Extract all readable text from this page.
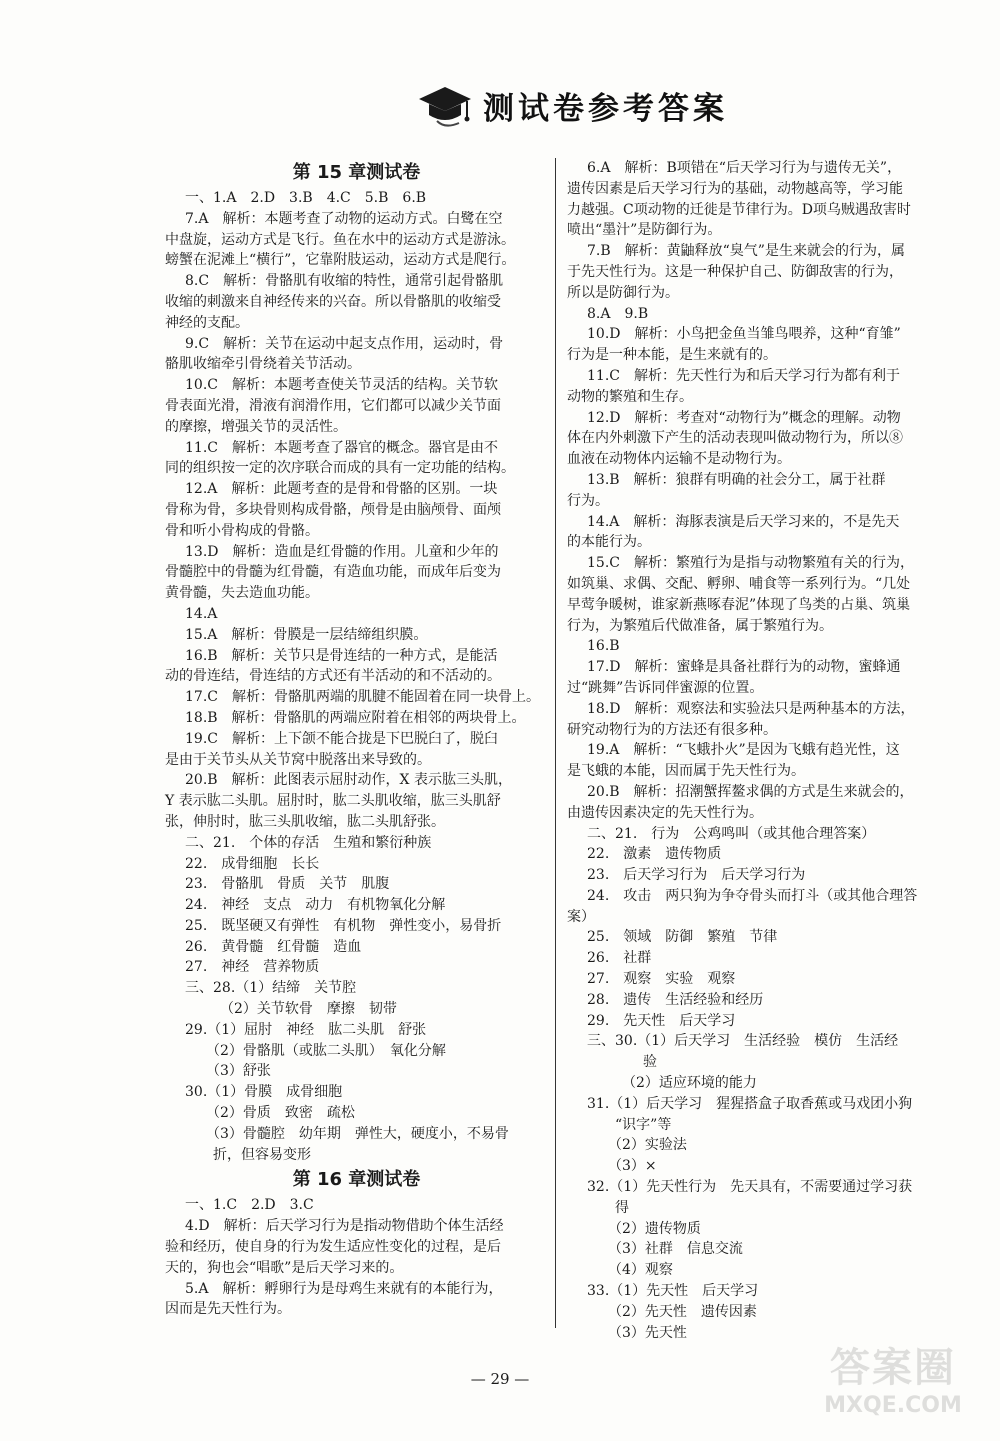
测试卷参考答案
第 15 章测试卷

一、1.A　2.D　3.B　4.C　5.B　6.B

7.A　解析：本题考查了动物的运动方式。白鹭在空

中盘旋，运动方式是飞行。鱼在水中的运动方式是游泳。

螃蟹在泥滩上“横行”，它靠附肢运动，运动方式是爬行。

8.C　解析：骨骼肌有收缩的特性，通常引起骨骼肌

收缩的刺激来自神经传来的兴奋。所以骨骼肌的收缩受

神经的支配。

9.C　解析：关节在运动中起支点作用，运动时，骨

骼肌收缩牵引骨绕着关节活动。

10.C　解析：本题考查使关节灵活的结构。关节软

骨表面光滑，滑液有润滑作用，它们都可以减少关节面

的摩擦，增强关节的灵活性。

11.C　解析：本题考查了器官的概念。器官是由不

同的组织按一定的次序联合而成的具有一定功能的结构。

12.A　解析：此题考查的是骨和骨骼的区别。一块

骨称为骨，多块骨则构成骨骼，颅骨是由脑颅骨、面颅

骨和听小骨构成的骨骼。

13.D　解析：造血是红骨髓的作用。儿童和少年的

骨髓腔中的骨髓为红骨髓，有造血功能，而成年后变为

黄骨髓，失去造血功能。

14.A

15.A　解析：骨膜是一层结缔组织膜。

16.B　解析：关节只是骨连结的一种方式，是能活

动的骨连结，骨连结的方式还有半活动的和不活动的。

17.C　解析：骨骼肌两端的肌腱不能固着在同一块骨上。

18.B　解析：骨骼肌的两端应附着在相邻的两块骨上。

19.C　解析：上下颌不能合拢是下巴脱臼了，脱臼

是由于关节头从关节窝中脱落出来导致的。

20.B　解析：此图表示屈肘动作，X 表示肱三头肌，

Y 表示肱二头肌。屈肘时，肱二头肌收缩，肱三头肌舒

张，伸肘时，肱三头肌收缩，肱二头肌舒张。

二、21.　个体的存活　生殖和繁衍种族

22.　成骨细胞　长长

23.　骨骼肌　骨质　关节　肌腹

24.　神经　支点　动力　有机物氧化分解

25.　既坚硬又有弹性　有机物　弹性变小，易骨折

26.　黄骨髓　红骨髓　造血

27.　神经　营养物质

三、28.（1）结缔　关节腔

　　（2）关节软骨　摩擦　韧带

29.（1）屈肘　神经　肱二头肌　舒张

　（2）骨骼肌（或肱二头肌）　氧化分解

　（3）舒张

30.（1）骨膜　成骨细胞

　（2）骨质　致密　疏松

　（3）骨髓腔　幼年期　弹性大，硬度小，不易骨

　折，但容易变形

第 16 章测试卷

一、1.C　2.D　3.C

4.D　解析：后天学习行为是指动物借助个体生活经

验和经历，使自身的行为发生适应性变化的过程，是后

天的，狗也会“唱歌”是后天学习来的。

5.A　解析：孵卵行为是母鸡生来就有的本能行为，

因而是先天性行为。

6.A　解析：B项错在“后天学习行为与遗传无关”，

遗传因素是后天学习行为的基础，动物越高等，学习能

力越强。C项动物的迁徙是节律行为。D项乌贼遇敌害时

喷出“墨汁”是防御行为。

7.B　解析：黄鼬释放“臭气”是生来就会的行为，属

于先天性行为。这是一种保护自己、防御敌害的行为，

所以是防御行为。

8.A　9.B

10.D　解析：小鸟把金鱼当雏鸟喂养，这种“育雏”

行为是一种本能，是生来就有的。

11.C　解析：先天性行为和后天学习行为都有利于

动物的繁殖和生存。

12.D　解析：考查对“动物行为”概念的理解。动物

体在内外刺激下产生的活动表现叫做动物行为，所以⑧

血液在动物体内运输不是动物行为。

13.B　解析：狼群有明确的社会分工，属于社群

行为。

14.A　解析：海豚表演是后天学习来的，不是先天

的本能行为。

15.C　解析：繁殖行为是指与动物繁殖有关的行为，

如筑巢、求偶、交配、孵卵、哺食等一系列行为。“几处

早莺争暖树，谁家新燕啄春泥”体现了鸟类的占巢、筑巢

行为，为繁殖后代做准备，属于繁殖行为。

16.B

17.D　解析：蜜蜂是具备社群行为的动物，蜜蜂通

过“跳舞”告诉同伴蜜源的位置。

18.D　解析：观察法和实验法只是两种基本的方法，

研究动物行为的方法还有很多种。

19.A　解析：“飞蛾扑火”是因为飞蛾有趋光性，这

是飞蛾的本能，因而属于先天性行为。

20.B　解析：招潮蟹挥鳌求偶的方式是生来就会的，

由遗传因素决定的先天性行为。

二、21.　行为　公鸡鸣叫（或其他合理答案）

22.　激素　遗传物质

23.　后天学习行为　后天学习行为

24.　攻击　两只狗为争夺骨头而打斗（或其他合理答

案）

25.　领域　防御　繁殖　节律

26.　社群

27.　观察　实验　观察

28.　遗传　生活经验和经历

29.　先天性　后天学习

三、30.（1）后天学习　生活经验　模仿　生活经

　　　验

　　（2）适应环境的能力

31.（1）后天学习　猩猩搭盒子取香蕉或马戏团小狗

　“识字”等

　（2）实验法

　（3）×

32.（1）先天性行为　先天具有，不需要通过学习获

　得

　（2）遗传物质

　（3）社群　信息交流

　（4）观察

33.（1）先天性　后天学习

　（2）先天性　遗传因素

　（3）先天性

— 29 —	答案圈
MXQE.COM
